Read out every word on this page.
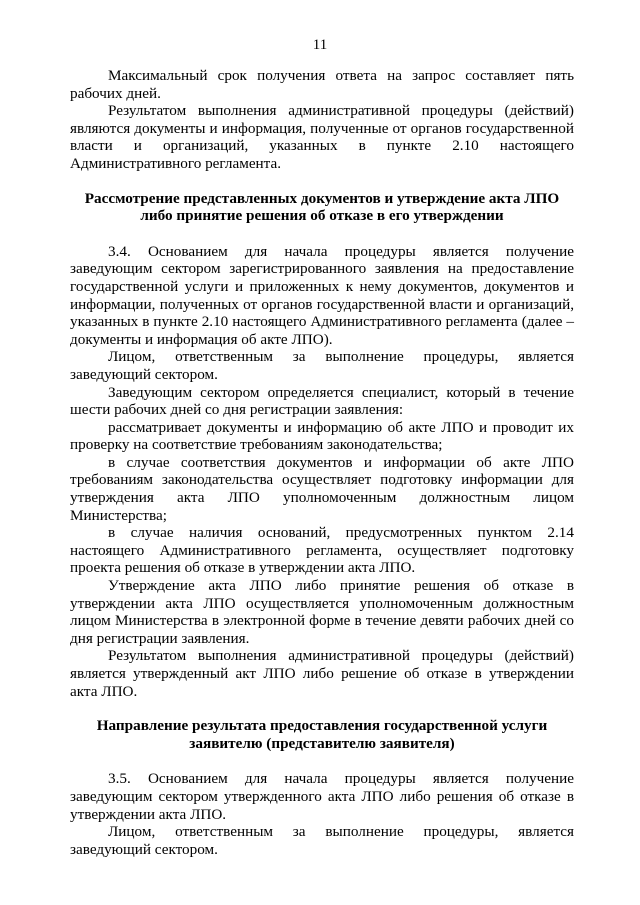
11

Максимальный срок получения ответа на запрос составляет пять рабочих дней.

Результатом выполнения административной процедуры (действий) являются документы и информация, полученные от органов государственной власти и организаций, указанных в пункте 2.10 настоящего Административного регламента.

Рассмотрение представленных документов и утверждение акта ЛПО либо принятие решения об отказе в его утверждении

3.4. Основанием для начала процедуры является получение заведующим сектором зарегистрированного заявления на предоставление государственной услуги и приложенных к нему документов, документов и информации, полученных от органов государственной власти и организаций, указанных в пункте 2.10 настоящего Административного регламента (далее – документы и информация об акте ЛПО).

Лицом, ответственным за выполнение процедуры, является заведующий сектором.

Заведующим сектором определяется специалист, который в течение шести рабочих дней со дня регистрации заявления:

рассматривает документы и информацию об акте ЛПО и проводит их проверку на соответствие требованиям законодательства;

в случае соответствия документов и информации об акте ЛПО требованиям законодательства осуществляет подготовку информации для утверждения акта ЛПО уполномоченным должностным лицом Министерства;

в случае наличия оснований, предусмотренных пунктом 2.14 настоящего Административного регламента, осуществляет подготовку проекта решения об отказе в утверждении акта ЛПО.

Утверждение акта ЛПО либо принятие решения об отказе в утверждении акта ЛПО осуществляется уполномоченным должностным лицом Министерства в электронной форме в течение девяти рабочих дней со дня регистрации заявления.

Результатом выполнения административной процедуры (действий) является утвержденный акт ЛПО либо решение об отказе в утверждении акта ЛПО.

Направление результата предоставления государственной услуги заявителю (представителю заявителя)

3.5. Основанием для начала процедуры является получение заведующим сектором утвержденного акта ЛПО либо решения об отказе в утверждении акта ЛПО.

Лицом, ответственным за выполнение процедуры, является заведующий сектором.
